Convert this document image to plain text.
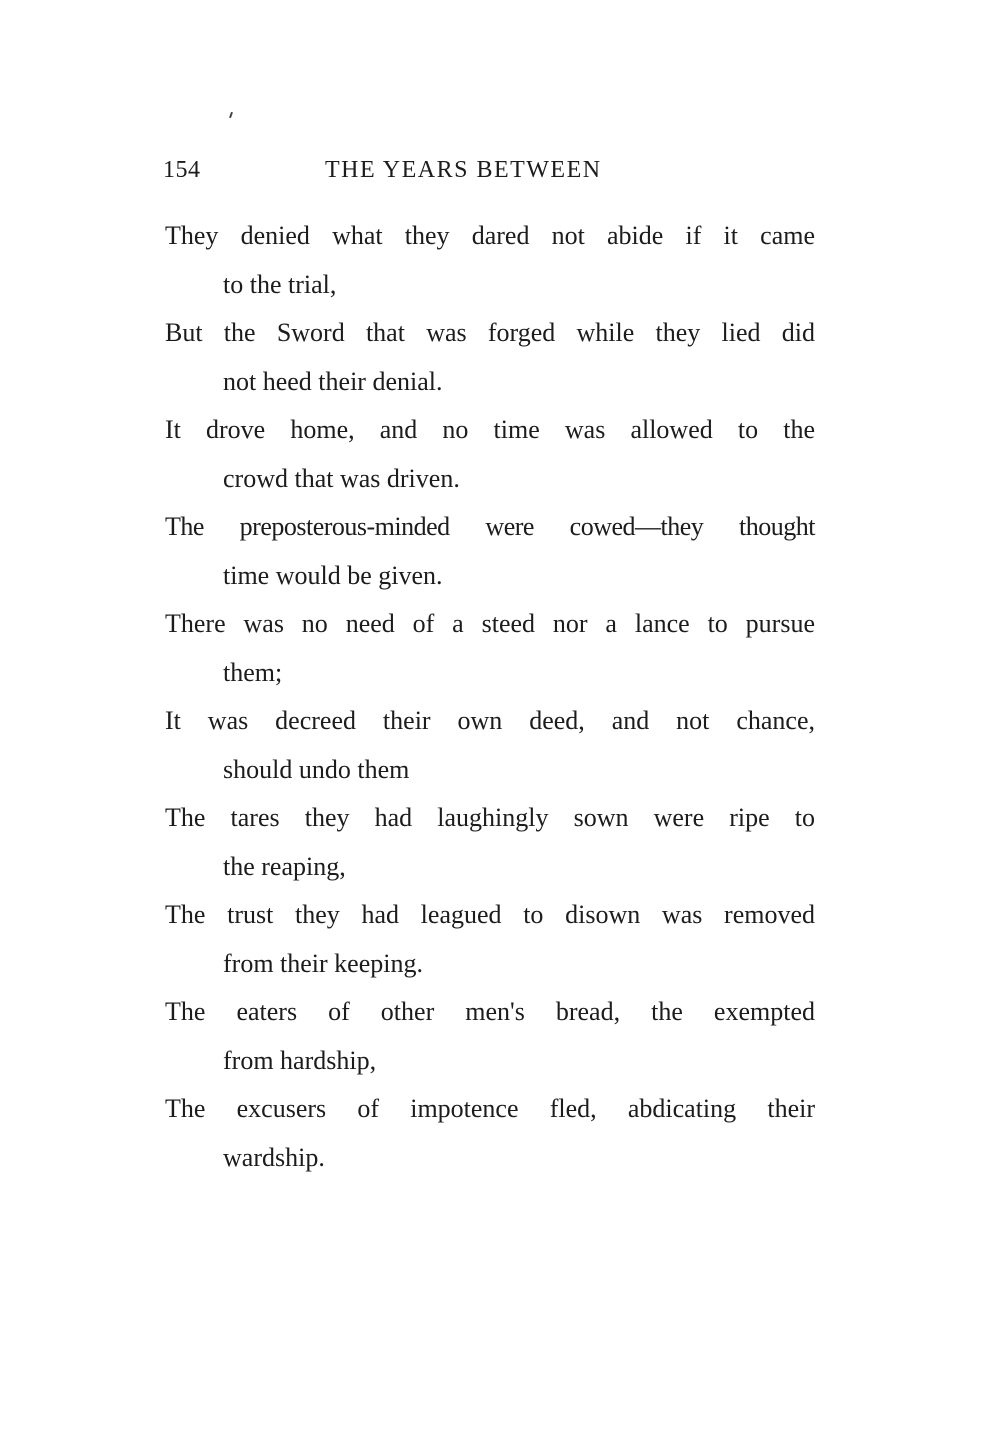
154	THE YEARS BETWEEN
They denied what they dared not abide if it came
to the trial,
But the Sword that was forged while they lied did
not heed their denial.
It drove home, and no time was allowed to the
crowd that was driven.
The preposterous-minded were cowed—they thought
time would be given.
There was no need of a steed nor a lance to pursue
them;
It was decreed their own deed, and not chance,
should undo them
The tares they had laughingly sown were ripe to
the reaping,
The trust they had leagued to disown was removed
from their keeping.
The eaters of other men's bread, the exempted
from hardship,
The excusers of impotence fled, abdicating their
wardship.
